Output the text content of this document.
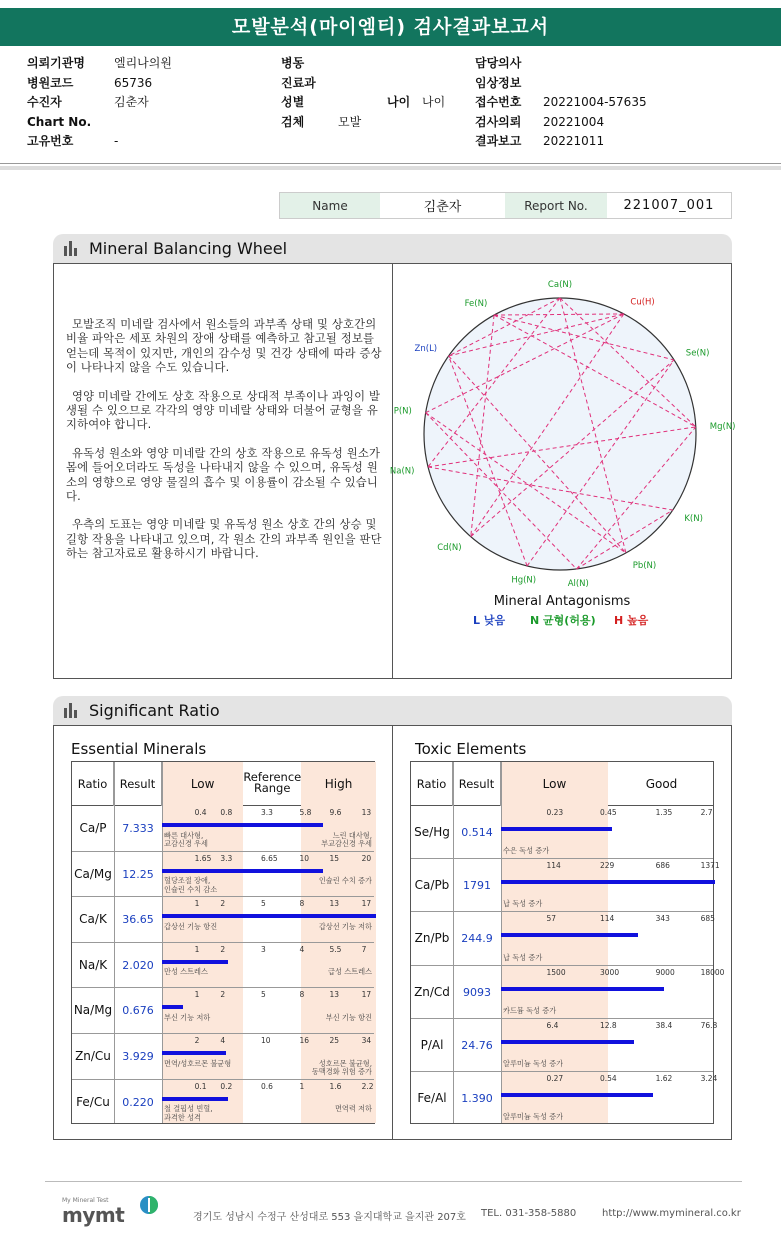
모발분석(마이엠티) 검사결과보고서
의뢰기관명	엘리나의원
병원코드	65736
수진자	김춘자
Chart No.
고유번호	-
병동
진료과
성별
검체	모발
나이 나이
담당의사
임상정보
접수번호	20221004-57635
검사의뢰	20221004
결과보고	20221011
Name	김춘자	Report No.	221007_001
Mineral Balancing Wheel

모발조직 미네랄 검사에서 원소들의 과부족 상태 및 상호간의 비율 파악은 세포 차원의 장애 상태를 예측하고 참고될 정보를 얻는데 목적이 있지만, 개인의 감수성 및 건강 상태에 따라 증상이 나타나지 않을 수도 있습니다.

영양 미네랄 간에도 상호 작용으로 상대적 부족이나 과잉이 발생될 수 있으므로 각각의 영양 미네랄 상태와 더불어 균형을 유지하여야 합니다.

유독성 원소와 영양 미네랄 간의 상호 작용으로 유독성 원소가 몸에 들어오더라도 독성을 나타내지 않을 수 있으며, 유독성 원소의 영향으로 영양 물질의 흡수 및 이용률이 감소될 수 있습니다.

우측의 도표는 영양 미네랄 및 유독성 원소 상호 간의 상승 및 길항 작용을 나타내고 있으며, 각 원소 간의 과부족 원인을 판단하는 참고자료로 활용하시기 바랍니다.

Ca(N)
Cu(H)
Se(N)
Mg(N)
K(N)
Pb(N)
Al(N)
Hg(N)
Cd(N)
Na(N)
P(N)
Zn(L)
Fe(N)
Mineral Antagonisms
L 낮음 N 균형(허용) H 높음
Significant Ratio
Essential Minerals	Toxic Elements
Ratio	Result	Low	Reference Range	High
Ca/P	7.333
0.4 0.8	3.3	5.8 9.6	13
빠른 대사형,
교감신경 우세
느린 대사형,
부교감신경 우세
Ca/Mg 12.25
1.65 3.3	6.65	10	15	20
혈당조절 장애,
인슐린 수치 감소
인슐린 수치 증가
Ca/K	36.65
1	2	5	8	13	17
갑상선 기능 항진	갑상선 기능 저하
Na/K	2.020
1	2	3	4	5.5	7
만성 스트레스	급성 스트레스
Na/Mg 0.676
1	2	5	8	13	17
부신 기능 저하	부신 기능 항진
Zn/Cu	3.929
2	4	10	16	25	34
면역/성호르몬 불균형	성호르몬 불균형,
동맥경화 위험 증가
Fe/Cu	0.220
0.1 0.2	0.6	1	1.6	2.2
철 결핍성 빈혈,
과격한 성격
면역력 저하
Ratio	Result	Low	Good
Se/Hg	0.514
0.23	0.45	1.35	2.7
수은 독성 증가
Ca/Pb	1791
114	229	686	1371
납 독성 증가
Zn/Pb	244.9
57	114	343	685
납 독성 증가
Zn/Cd	9093
1500	3000	9000	18000
카드뮴 독성 증가
P/Al	24.76
6.4	12.8	38.4	76.8
알루미늄 독성 증가
Fe/Al	1.390
0.27	0.54	1.62	3.24
알루미늄 독성 증가
My Mineral Test
mymt	경기도 성남시 수정구 산성대로 553 을지대학교 을지관 207호 TEL. 031-358-5880	http://www.mymineral.co.kr
